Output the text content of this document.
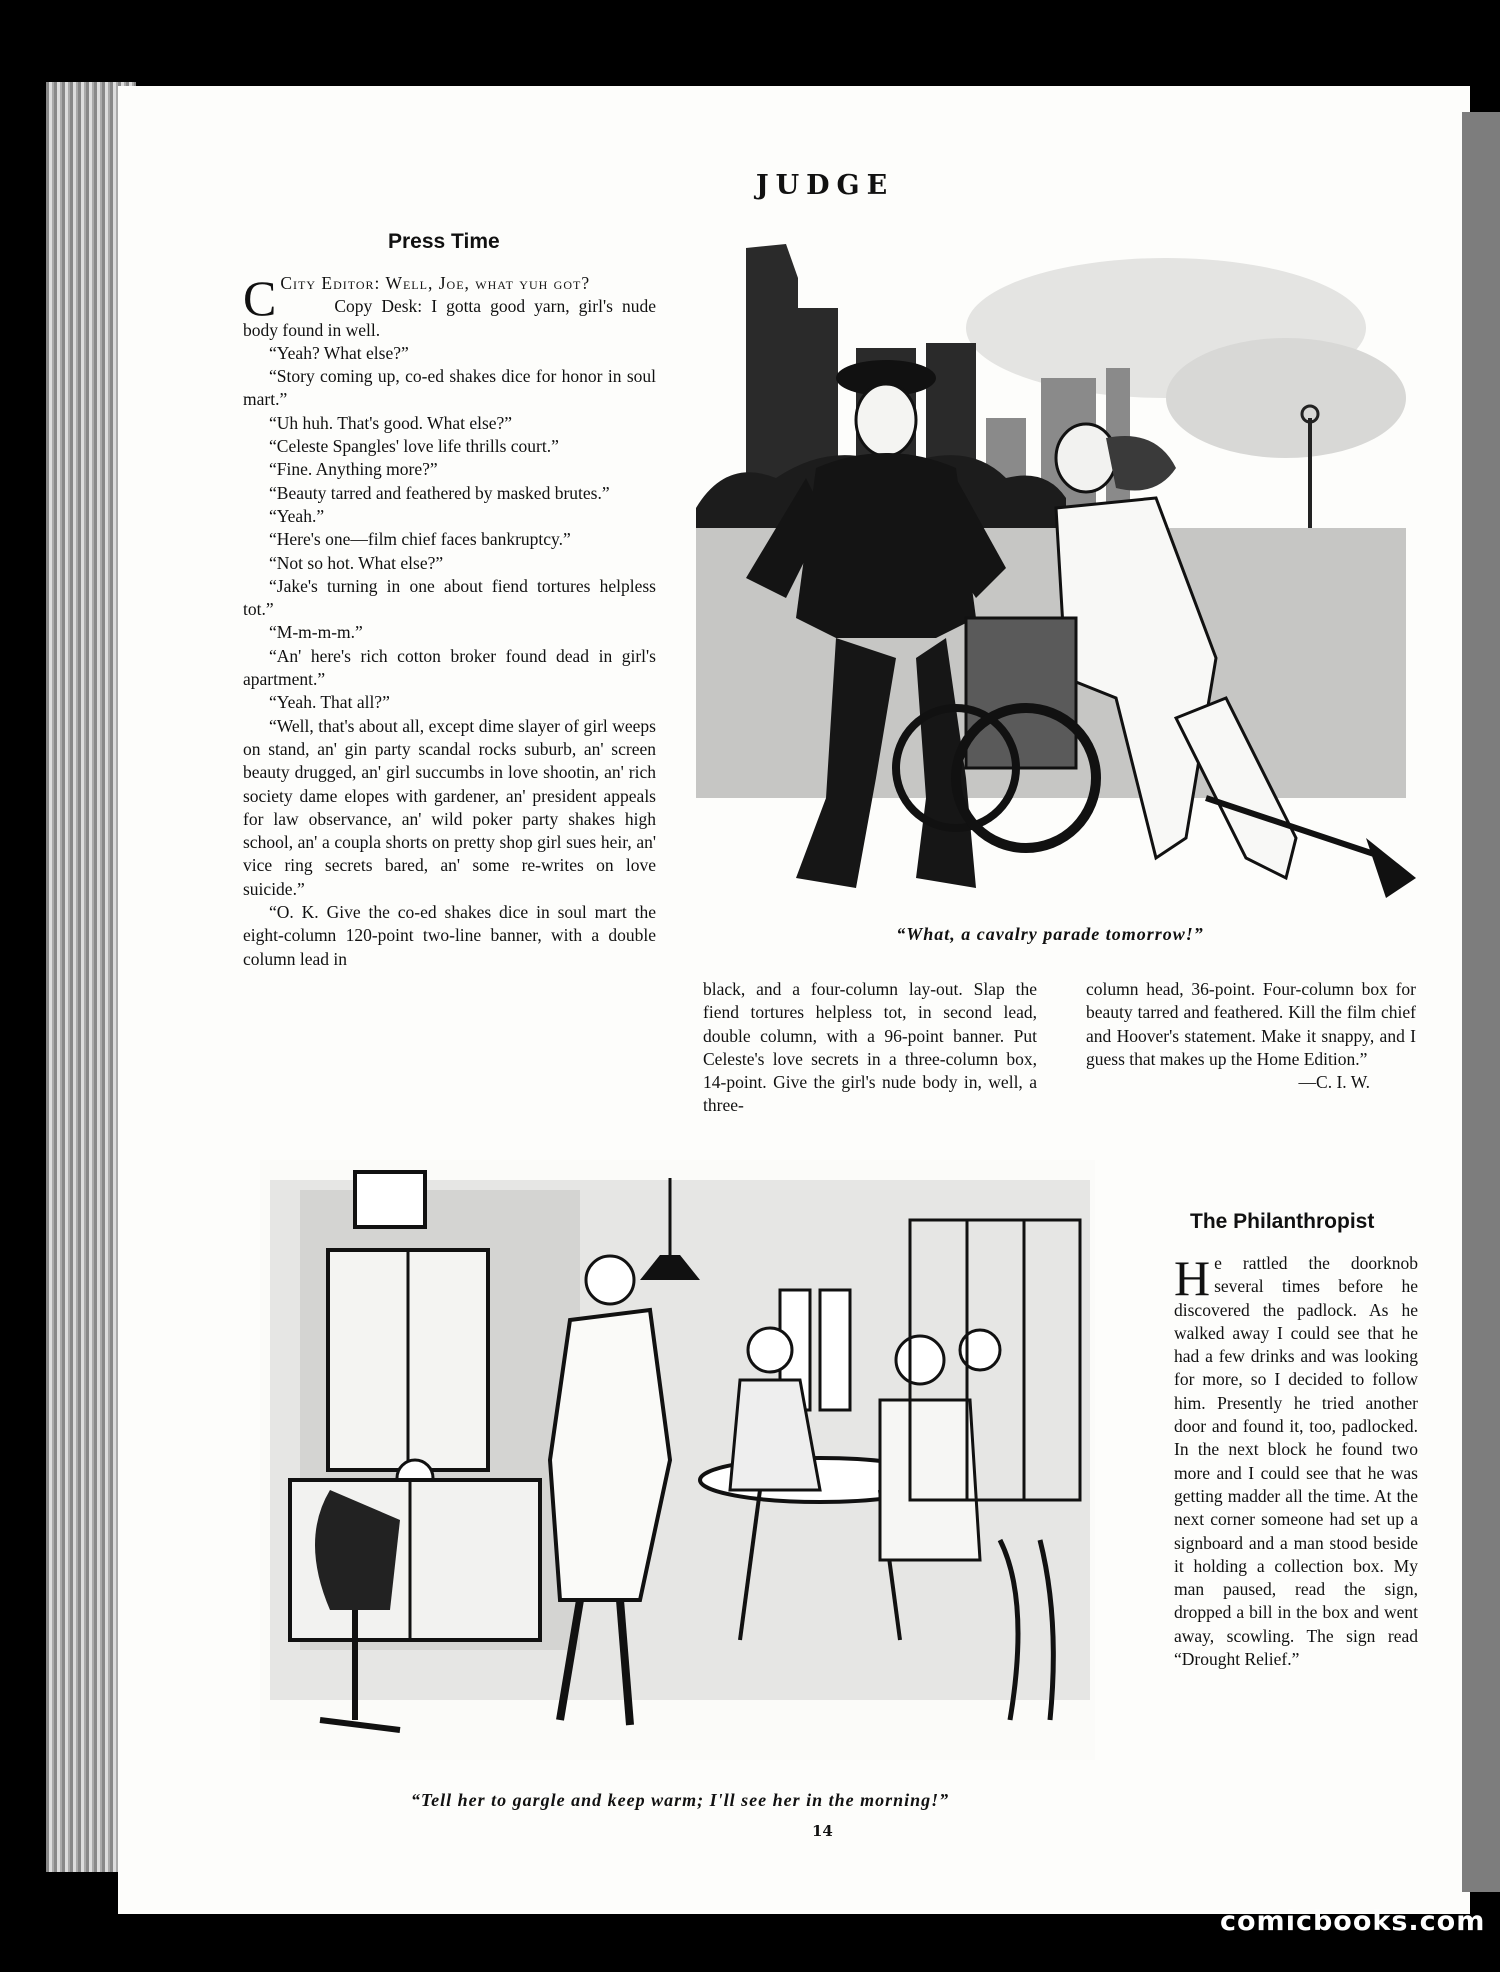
JUDGE
Press Time

C City Editor: Well, Joe, what yuh got?

Copy Desk: I gotta good yarn, girl's nude body found in well.

“Yeah? What else?”

“Story coming up, co-ed shakes dice for honor in soul mart.”

“Uh huh. That's good. What else?”

“Celeste Spangles' love life thrills court.”

“Fine. Anything more?”

“Beauty tarred and feathered by masked brutes.”

“Yeah.”

“Here's one—film chief faces bankruptcy.”

“Not so hot. What else?”

“Jake's turning in one about fiend tortures helpless tot.”

“M-m-m-m.”

“An' here's rich cotton broker found dead in girl's apartment.”

“Yeah. That all?”

“Well, that's about all, except dime slayer of girl weeps on stand, an' gin party scandal rocks suburb, an' screen beauty drugged, an' girl succumbs in love shootin, an' rich society dame elopes with gardener, an' president appeals for law observance, an' wild poker party shakes high school, an' a coupla shorts on pretty shop girl sues heir, an' vice ring secrets bared, an' some re-writes on love suicide.”

“O. K. Give the co-ed shakes dice in soul mart the eight-column 120-point two-line banner, with a double column lead in

black, and a four-column lay-out. Slap the fiend tortures helpless tot, in second lead, double column, with a 96-point banner. Put Celeste's love secrets in a three-column box, 14-point. Give the girl's nude body in, well, a three-

column head, 36-point. Four-column box for beauty tarred and feathered. Kill the film chief and Hoover's statement. Make it snappy, and I guess that makes up the Home Edition.”

—C. I. W.

“What, a cavalry parade tomorrow!”
“Tell her to gargle and keep warm; I'll see her in the morning!”
The Philanthropist

He rattled the doorknob several times before he discovered the padlock. As he walked away I could see that he had a few drinks and was looking for more, so I decided to follow him. Presently he tried another door and found it, too, padlocked. In the next block he found two more and I could see that he was getting madder all the time. At the next corner someone had set up a signboard and a man stood beside it holding a collection box. My man paused, read the sign, dropped a bill in the box and went away, scowling. The sign read “Drought Relief.”

14
comicbooks.com
